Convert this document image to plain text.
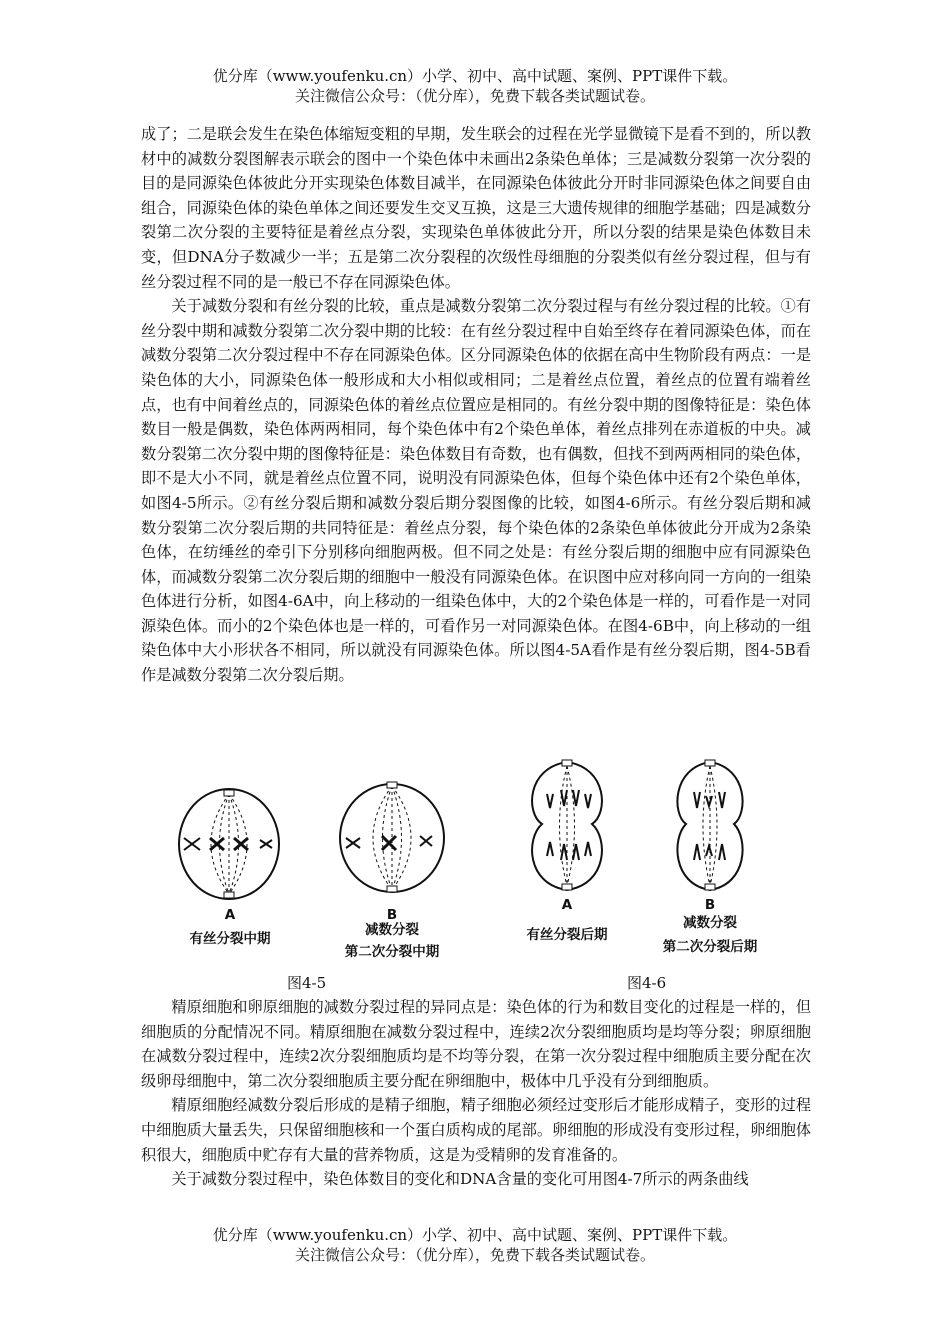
优分库（www.youfenku.cn）小学、初中、高中试题、案例、PPT课件下载。
关注微信公众号：（优分库），免费下载各类试题试卷。

成了；二是联会发生在染色体缩短变粗的早期，发生联会的过程在光学显微镜下是看不到的，所以教材中的减数分裂图解表示联会的图中一个染色体中未画出2条染色单体；三是减数分裂第一次分裂的目的是同源染色体彼此分开实现染色体数目减半，在同源染色体彼此分开时非同源染色体之间要自由组合，同源染色体的染色单体之间还要发生交叉互换，这是三大遗传规律的细胞学基础；四是减数分裂第二次分裂的主要特征是着丝点分裂，实现染色单体彼此分开，所以分裂的结果是染色体数目未变，但DNA分子数减少一半；五是第二次分裂程的次级性母细胞的分裂类似有丝分裂过程，但与有丝分裂过程不同的是一般已不存在同源染色体。

关于减数分裂和有丝分裂的比较，重点是减数分裂第二次分裂过程与有丝分裂过程的比较。①有丝分裂中期和减数分裂第二次分裂中期的比较：在有丝分裂过程中自始至终存在着同源染色体，而在减数分裂第二次分裂过程中不存在同源染色体。区分同源染色体的依据在高中生物阶段有两点：一是染色体的大小，同源染色体一般形成和大小相似或相同；二是着丝点位置，着丝点的位置有端着丝点，也有中间着丝点的，同源染色体的着丝点位置应是相同的。有丝分裂中期的图像特征是：染色体数目一般是偶数，染色体两两相同，每个染色体中有2个染色单体，着丝点排列在赤道板的中央。减数分裂第二次分裂中期的图像特征是：染色体数目有奇数，也有偶数，但找不到两两相同的染色体，即不是大小不同，就是着丝点位置不同，说明没有同源染色体，但每个染色体中还有2个染色单体，如图4-5所示。②有丝分裂后期和减数分裂后期分裂图像的比较，如图4-6所示。有丝分裂后期和减数分裂第二次分裂后期的共同特征是：着丝点分裂，每个染色体的2条染色单体彼此分开成为2条染色体，在纺缍丝的牵引下分别移向细胞两极。但不同之处是：有丝分裂后期的细胞中应有同源染色体，而减数分裂第二次分裂后期的细胞中一般没有同源染色体。在识图中应对移向同一方向的一组染色体进行分析，如图4-6A中，向上移动的一组染色体中，大的2个染色体是一样的，可看作是一对同源染色体。而小的2个染色体也是一样的，可看作另一对同源染色体。在图4-6B中，向上移动的一组染色体中大小形状各不相同，所以就没有同源染色体。所以图4-5A看作是有丝分裂后期，图4-5B看作是减数分裂第二次分裂后期。

A
有丝分裂中期
B
减数分裂
第二次分裂中期
A
有丝分裂后期
B
减数分裂
第二次分裂后期
图4-5	图4-6

精原细胞和卵原细胞的减数分裂过程的异同点是：染色体的行为和数目变化的过程是一样的，但细胞质的分配情况不同。精原细胞在减数分裂过程中，连续2次分裂细胞质均是均等分裂；卵原细胞在减数分裂过程中，连续2次分裂细胞质均是不均等分裂，在第一次分裂过程中细胞质主要分配在次级卵母细胞中，第二次分裂细胞质主要分配在卵细胞中，极体中几乎没有分到细胞质。

精原细胞经减数分裂后形成的是精子细胞，精子细胞必须经过变形后才能形成精子，变形的过程中细胞质大量丢失，只保留细胞核和一个蛋白质构成的尾部。卵细胞的形成没有变形过程，卵细胞体积很大，细胞质中贮存有大量的营养物质，这是为受精卵的发育准备的。

关于减数分裂过程中，染色体数目的变化和DNA含量的变化可用图4-7所示的两条曲线

优分库（www.youfenku.cn）小学、初中、高中试题、案例、PPT课件下载。
关注微信公众号：（优分库），免费下载各类试题试卷。
